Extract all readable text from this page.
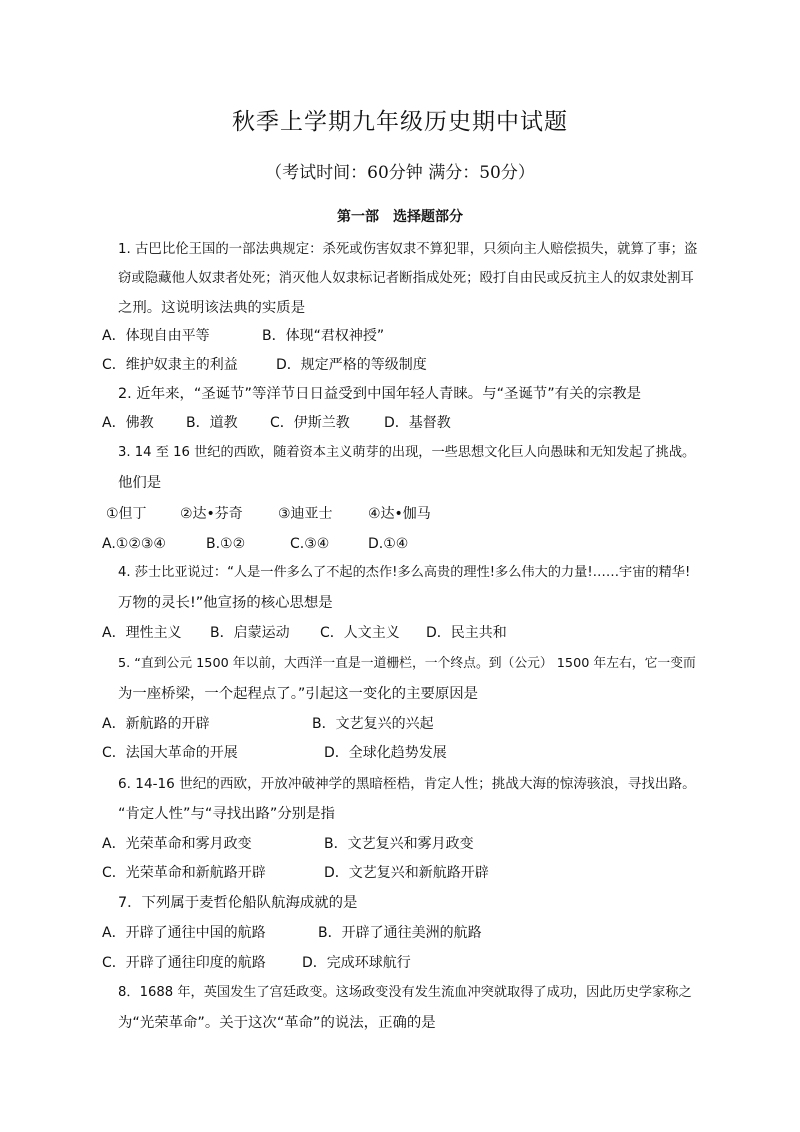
秋季上学期九年级历史期中试题
（考试时间：60分钟 满分：50分）
第一部　选择题部分
1. 古巴比伦王国的一部法典规定：杀死或伤害奴隶不算犯罪，只须向主人赔偿损失，就算了事；盗
窃或隐藏他人奴隶者处死；消灭他人奴隶标记者断指成处死；殴打自由民或反抗主人的奴隶处割耳
之刑。这说明该法典的实质是
A．体现自由平等	B．体现“君权神授”
C．维护奴隶主的利益	D．规定严格的等级制度
2. 近年来，“圣诞节”等洋节日日益受到中国年轻人青睐。与“圣诞节”有关的宗教是
A．佛教 B．道教 C．伊斯兰教 D．基督教
3. 14 至 16 世纪的西欧，随着资本主义萌芽的出现，一些思想文化巨人向愚昧和无知发起了挑战。
他们是
①但丁 ②达•芬奇	③迪亚士	④达•伽马
A.①②③④	B.①②	C.③④	D.①④
4. 莎士比亚说过：“人是一件多么了不起的杰作!多么高贵的理性!多么伟大的力量!……宇宙的精华!
万物的灵长!”他宣扬的核心思想是
A．理性主义 B．启蒙运动 C．人文主义 D．民主共和
5. “直到公元 1500 年以前，大西洋一直是一道栅栏，一个终点。到（公元） 1500 年左右，它一变而
为一座桥梁，一个起程点了。”引起这一变化的主要原因是
A．新航路的开辟	B．文艺复兴的兴起
C．法国大革命的开展	D．全球化趋势发展
6. 14-16 世纪的西欧，开放冲破神学的黑暗桎梏，肯定人性；挑战大海的惊涛骇浪，寻找出路。
“肯定人性”与“寻找出路”分别是指
A．光荣革命和雾月政变	B．文艺复兴和雾月政变
C．光荣革命和新航路开辟	D．文艺复兴和新航路开辟
7．下列属于麦哲伦船队航海成就的是
A．开辟了通往中国的航路	B．开辟了通往美洲的航路
C．开辟了通往印度的航路	D．完成环球航行
8．1688 年，英国发生了宫廷政变。这场政变没有发生流血冲突就取得了成功，因此历史学家称之
为“光荣革命”。关于这次“革命”的说法，正确的是
